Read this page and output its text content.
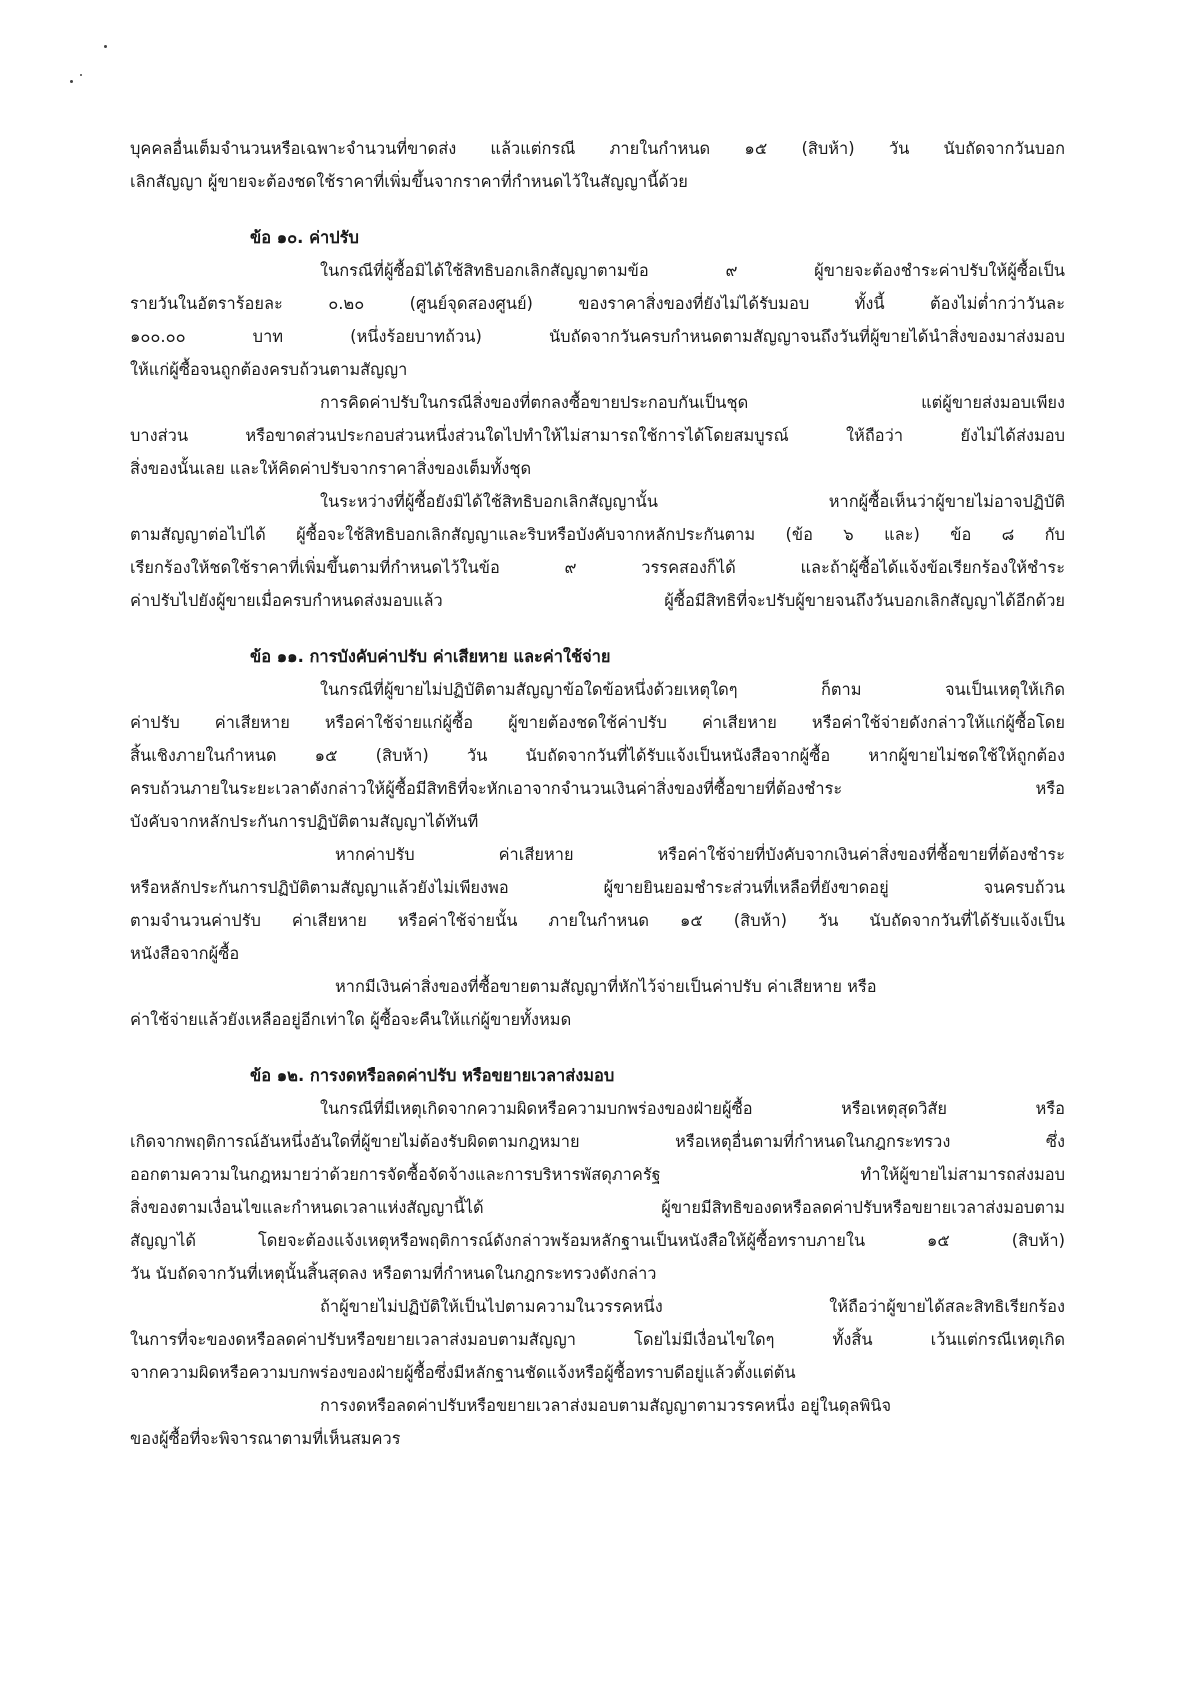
บุคคลอื่นเต็มจำนวนหรือเฉพาะจำนวนที่ขาดส่ง แล้วแต่กรณี ภายในกำหนด ๑๕ (สิบห้า) วัน นับถัดจากวันบอก
เลิกสัญญา ผู้ขายจะต้องชดใช้ราคาที่เพิ่มขึ้นจากราคาที่กำหนดไว้ในสัญญานี้ด้วย
ข้อ ๑๐. ค่าปรับ
ในกรณีที่ผู้ซื้อมิได้ใช้สิทธิบอกเลิกสัญญาตามข้อ ๙ ผู้ขายจะต้องชำระค่าปรับให้ผู้ซื้อเป็น
รายวันในอัตราร้อยละ ๐.๒๐ (ศูนย์จุดสองศูนย์) ของราคาสิ่งของที่ยังไม่ได้รับมอบ ทั้งนี้ ต้องไม่ต่ำกว่าวันละ
๑๐๐.๐๐ บาท (หนึ่งร้อยบาทถ้วน) นับถัดจากวันครบกำหนดตามสัญญาจนถึงวันที่ผู้ขายได้นำสิ่งของมาส่งมอบ
ให้แก่ผู้ซื้อจนถูกต้องครบถ้วนตามสัญญา
การคิดค่าปรับในกรณีสิ่งของที่ตกลงซื้อขายประกอบกันเป็นชุด แต่ผู้ขายส่งมอบเพียง
บางส่วน หรือขาดส่วนประกอบส่วนหนึ่งส่วนใดไปทำให้ไม่สามารถใช้การได้โดยสมบูรณ์ ให้ถือว่า ยังไม่ได้ส่งมอบ
สิ่งของนั้นเลย และให้คิดค่าปรับจากราคาสิ่งของเต็มทั้งชุด
ในระหว่างที่ผู้ซื้อยังมิได้ใช้สิทธิบอกเลิกสัญญานั้น หากผู้ซื้อเห็นว่าผู้ขายไม่อาจปฏิบัติ
ตามสัญญาต่อไปได้ ผู้ซื้อจะใช้สิทธิบอกเลิกสัญญาและริบหรือบังคับจากหลักประกันตาม (ข้อ ๖ และ) ข้อ ๘ กับ
เรียกร้องให้ชดใช้ราคาที่เพิ่มขึ้นตามที่กำหนดไว้ในข้อ ๙ วรรคสองก็ได้ และถ้าผู้ซื้อได้แจ้งข้อเรียกร้องให้ชำระ
ค่าปรับไปยังผู้ขายเมื่อครบกำหนดส่งมอบแล้ว ผู้ซื้อมีสิทธิที่จะปรับผู้ขายจนถึงวันบอกเลิกสัญญาได้อีกด้วย
ข้อ ๑๑. การบังคับค่าปรับ ค่าเสียหาย และค่าใช้จ่าย
ในกรณีที่ผู้ขายไม่ปฏิบัติตามสัญญาข้อใดข้อหนึ่งด้วยเหตุใดๆ ก็ตาม จนเป็นเหตุให้เกิด
ค่าปรับ ค่าเสียหาย หรือค่าใช้จ่ายแก่ผู้ซื้อ ผู้ขายต้องชดใช้ค่าปรับ ค่าเสียหาย หรือค่าใช้จ่ายดังกล่าวให้แก่ผู้ซื้อโดย
สิ้นเชิงภายในกำหนด ๑๕ (สิบห้า) วัน นับถัดจากวันที่ได้รับแจ้งเป็นหนังสือจากผู้ซื้อ หากผู้ขายไม่ชดใช้ให้ถูกต้อง
ครบถ้วนภายในระยะเวลาดังกล่าวให้ผู้ซื้อมีสิทธิที่จะหักเอาจากจำนวนเงินค่าสิ่งของที่ซื้อขายที่ต้องชำระ หรือ
บังคับจากหลักประกันการปฏิบัติตามสัญญาได้ทันที
หากค่าปรับ ค่าเสียหาย หรือค่าใช้จ่ายที่บังคับจากเงินค่าสิ่งของที่ซื้อขายที่ต้องชำระ
หรือหลักประกันการปฏิบัติตามสัญญาแล้วยังไม่เพียงพอ ผู้ขายยินยอมชำระส่วนที่เหลือที่ยังขาดอยู่ จนครบถ้วน
ตามจำนวนค่าปรับ ค่าเสียหาย หรือค่าใช้จ่ายนั้น ภายในกำหนด ๑๕ (สิบห้า) วัน นับถัดจากวันที่ได้รับแจ้งเป็น
หนังสือจากผู้ซื้อ
หากมีเงินค่าสิ่งของที่ซื้อขายตามสัญญาที่หักไว้จ่ายเป็นค่าปรับ ค่าเสียหาย หรือ
ค่าใช้จ่ายแล้วยังเหลืออยู่อีกเท่าใด ผู้ซื้อจะคืนให้แก่ผู้ขายทั้งหมด
ข้อ ๑๒. การงดหรือลดค่าปรับ หรือขยายเวลาส่งมอบ
ในกรณีที่มีเหตุเกิดจากความผิดหรือความบกพร่องของฝ่ายผู้ซื้อ หรือเหตุสุดวิสัย หรือ
เกิดจากพฤติการณ์อันหนึ่งอันใดที่ผู้ขายไม่ต้องรับผิดตามกฎหมาย หรือเหตุอื่นตามที่กำหนดในกฎกระทรวง ซึ่ง
ออกตามความในกฎหมายว่าด้วยการจัดซื้อจัดจ้างและการบริหารพัสดุภาครัฐ ทำให้ผู้ขายไม่สามารถส่งมอบ
สิ่งของตามเงื่อนไขและกำหนดเวลาแห่งสัญญานี้ได้ ผู้ขายมีสิทธิของดหรือลดค่าปรับหรือขยายเวลาส่งมอบตาม
สัญญาได้ โดยจะต้องแจ้งเหตุหรือพฤติการณ์ดังกล่าวพร้อมหลักฐานเป็นหนังสือให้ผู้ซื้อทราบภายใน ๑๕ (สิบห้า)
วัน นับถัดจากวันที่เหตุนั้นสิ้นสุดลง หรือตามที่กำหนดในกฎกระทรวงดังกล่าว
ถ้าผู้ขายไม่ปฏิบัติให้เป็นไปตามความในวรรคหนึ่ง ให้ถือว่าผู้ขายได้สละสิทธิเรียกร้อง
ในการที่จะของดหรือลดค่าปรับหรือขยายเวลาส่งมอบตามสัญญา โดยไม่มีเงื่อนไขใดๆ ทั้งสิ้น เว้นแต่กรณีเหตุเกิด
จากความผิดหรือความบกพร่องของฝ่ายผู้ซื้อซึ่งมีหลักฐานชัดแจ้งหรือผู้ซื้อทราบดีอยู่แล้วตั้งแต่ต้น
การงดหรือลดค่าปรับหรือขยายเวลาส่งมอบตามสัญญาตามวรรคหนึ่ง อยู่ในดุลพินิจ
ของผู้ซื้อที่จะพิจารณาตามที่เห็นสมควร
